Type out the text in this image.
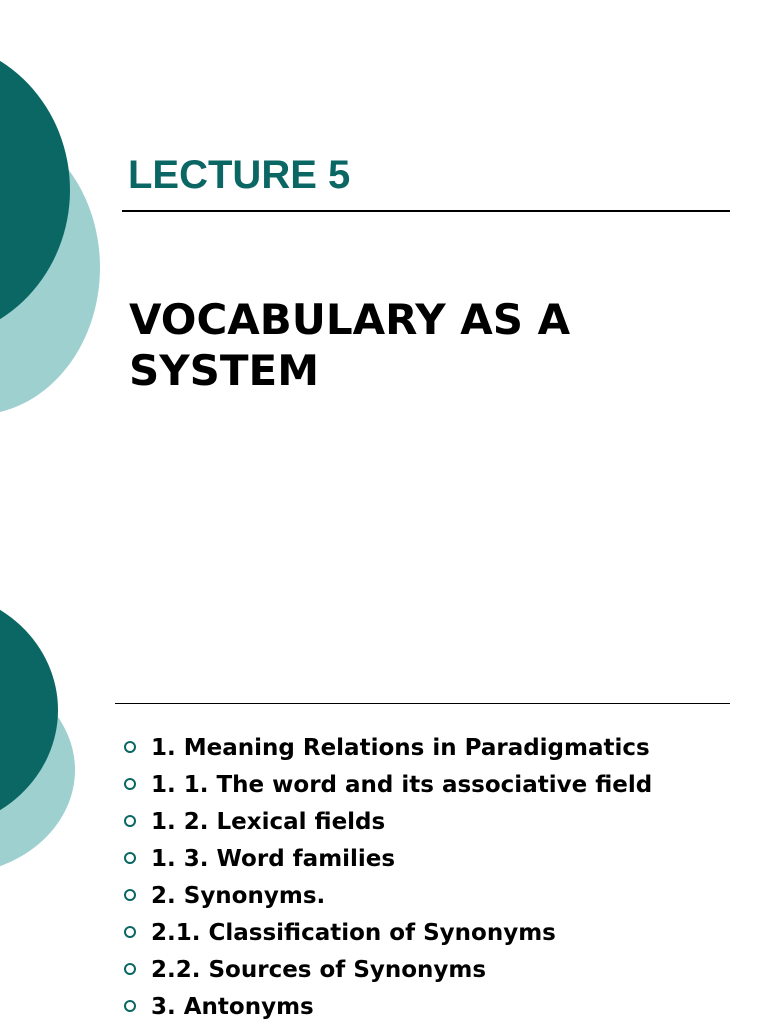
LECTURE 5
VOCABULARY AS A SYSTEM
1. Meaning Relations in Paradigmatics
1. 1. The word and its associative field
1. 2. Lexical fields
1. 3. Word families
2. Synonyms.
2.1. Classification of Synonyms
2.2. Sources of Synonyms
3. Antonyms
